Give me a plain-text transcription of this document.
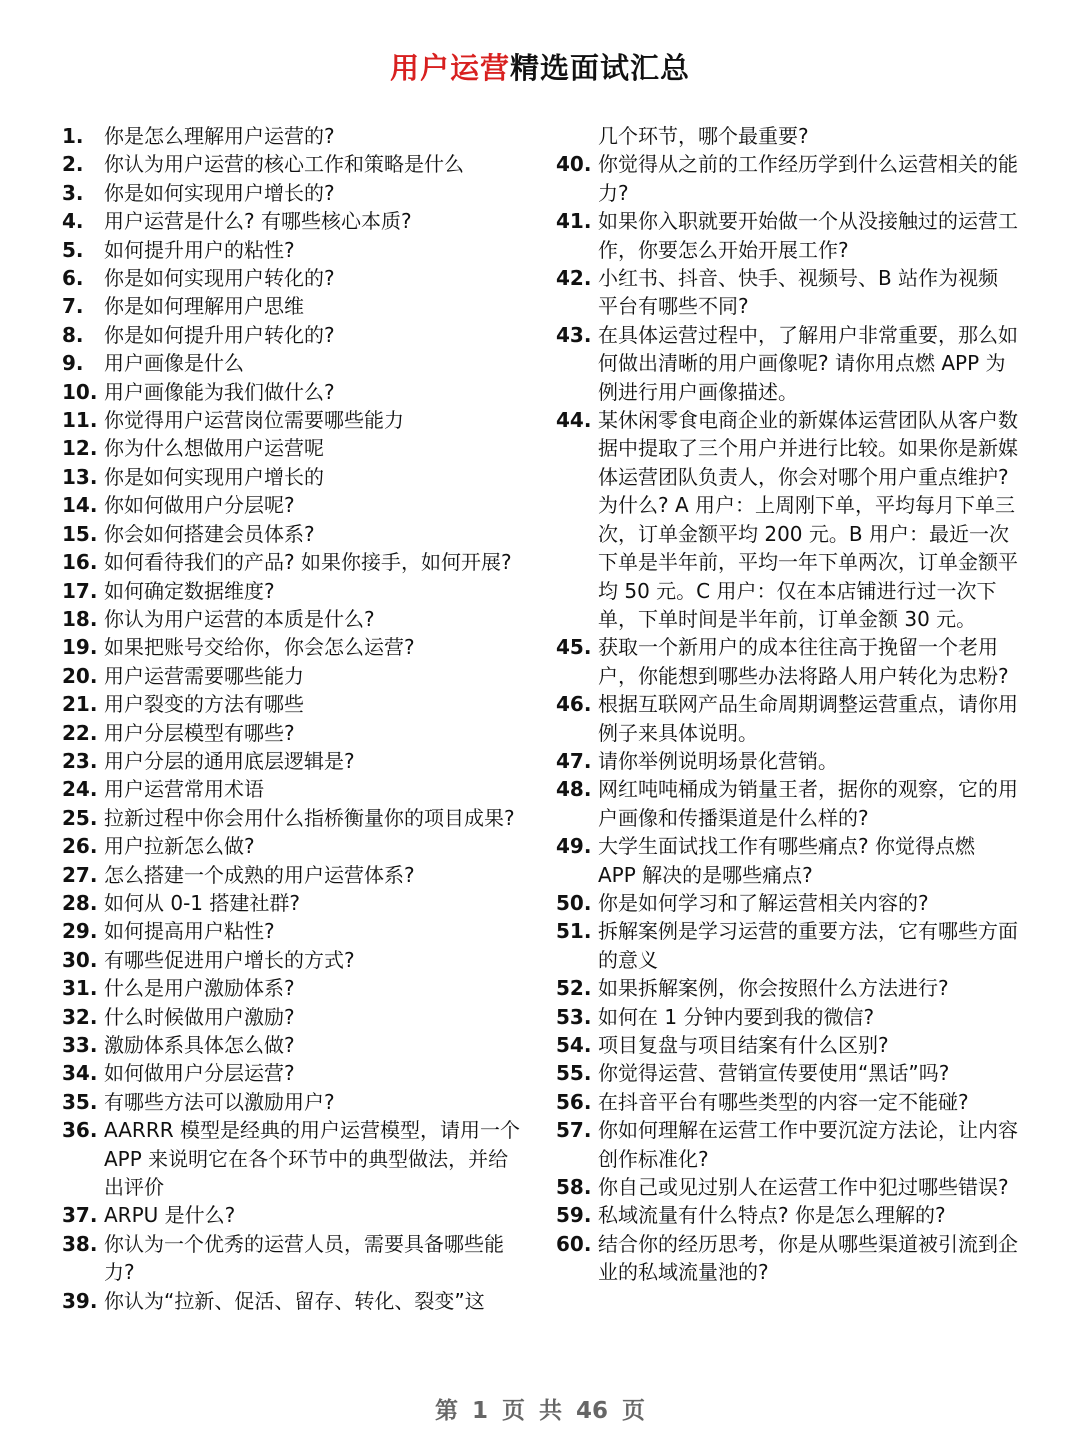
用户运营精选面试汇总
1.	你是怎么理解用户运营的?
2.	你认为用户运营的核心工作和策略是什么
3.	你是如何实现用户增长的?
4.	用户运营是什么? 有哪些核心本质?
5.	如何提升用户的粘性?
6.	你是如何实现用户转化的?
7.	你是如何理解用户思维
8.	你是如何提升用户转化的?
9.	用户画像是什么
10. 用户画像能为我们做什么?
11. 你觉得用户运营岗位需要哪些能力
12. 你为什么想做用户运营呢
13. 你是如何实现用户增长的
14. 你如何做用户分层呢?
15. 你会如何搭建会员体系?
16. 如何看待我们的产品? 如果你接手，如何开展?
17. 如何确定数据维度?
18. 你认为用户运营的本质是什么?
19. 如果把账号交给你，你会怎么运营?
20. 用户运营需要哪些能力
21. 用户裂变的方法有哪些
22. 用户分层模型有哪些?
23. 用户分层的通用底层逻辑是?
24. 用户运营常用术语
25. 拉新过程中你会用什么指桥衡量你的项目成果?
26. 用户拉新怎么做?
27. 怎么搭建一个成熟的用户运营体系?
28. 如何从 0-1 搭建社群?
29. 如何提高用户粘性?
30. 有哪些促进用户增长的方式?
31. 什么是用户激励体系?
32. 什么时候做用户激励?
33. 激励体系具体怎么做?
34. 如何做用户分层运营?
35. 有哪些方法可以激励用户?
36. AARRR 模型是经典的用户运营模型，请用一个 APP 来说明它在各个环节中的典型做法，并给出评价
37. ARPU 是什么?
38. 你认为一个优秀的运营人员，需要具备哪些能力?
39. 你认为“拉新、促活、留存、转化、裂变”这
几个环节，哪个最重要?
40. 你觉得从之前的工作经历学到什么运营相关的能力?
41. 如果你入职就要开始做一个从没接触过的运营工作，你要怎么开始开展工作?
42. 小红书、抖音、快手、视频号、B 站作为视频平台有哪些不同?
43. 在具体运营过程中，了解用户非常重要，那么如何做出清晰的用户画像呢? 请你用点燃 APP 为例进行用户画像描述。
44. 某休闲零食电商企业的新媒体运营团队从客户数据中提取了三个用户并进行比较。如果你是新媒体运营团队负责人，你会对哪个用户重点维护? 为什么? A 用户：上周刚下单，平均每月下单三次，订单金额平均 200 元。B 用户：最近一次下单是半年前，平均一年下单两次，订单金额平均 50 元。C 用户：仅在本店铺进行过一次下单，下单时间是半年前，订单金额 30 元。
45. 获取一个新用户的成本往往高于挽留一个老用户，你能想到哪些办法将路人用户转化为忠粉?
46. 根据互联网产品生命周期调整运营重点，请你用例子来具体说明。
47. 请你举例说明场景化营销。
48. 网红吨吨桶成为销量王者，据你的观察，它的用户画像和传播渠道是什么样的?
49. 大学生面试找工作有哪些痛点? 你觉得点燃 APP 解决的是哪些痛点?
50. 你是如何学习和了解运营相关内容的?
51. 拆解案例是学习运营的重要方法，它有哪些方面的意义
52. 如果拆解案例，你会按照什么方法进行?
53. 如何在 1 分钟内要到我的微信?
54. 项目复盘与项目结案有什么区别?
55. 你觉得运营、营销宣传要使用“黑话”吗?
56. 在抖音平台有哪些类型的内容一定不能碰?
57. 你如何理解在运营工作中要沉淀方法论，让内容创作标准化?
58. 你自己或见过别人在运营工作中犯过哪些错误?
59. 私域流量有什么特点? 你是怎么理解的?
60. 结合你的经历思考，你是从哪些渠道被引流到企业的私域流量池的?
第 1 页 共 46 页
